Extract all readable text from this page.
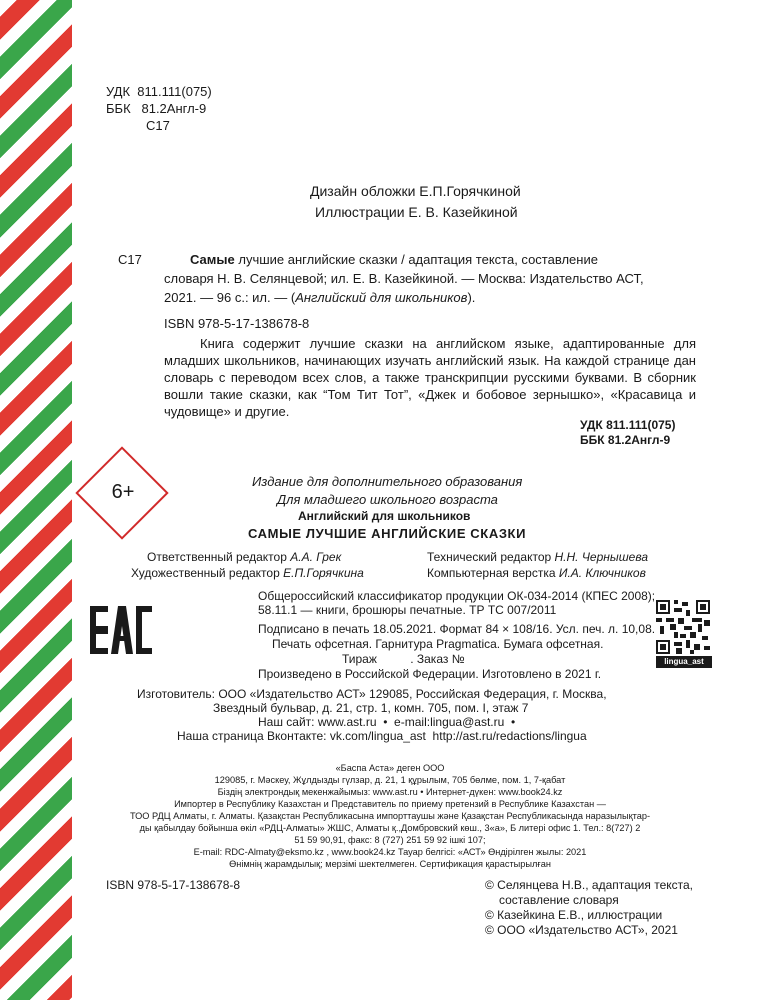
УДК 811.111(075)
ББК 81.2Англ-9
С17
Дизайн обложки Е.П.Горячкиной
Иллюстрации Е. В. Казейкиной
С17	Самые лучшие английские сказки / адаптация текста, составление
словаря Н. В. Селянцевой; ил. Е. В. Казейкиной. — Москва: Издательство АСТ,
2021. — 96 с.: ил. — (Английский для школьников).
ISBN 978-5-17-138678-8
Книга содержит лучшие сказки на английском языке, адаптированные для младших школьников, начинающих изучать английский язык. На каждой странице дан словарь с переводом всех слов, а также транскрипции русскими буквами. В сборник вошли такие сказки, как “Том Тит Тот”, «Джек и бобовое зернышко», «Красавица и чудовище» и другие.
УДК 811.111(075)
ББК 81.2Англ-9
6+	Издание для дополнительного образования
Для младшего школьного возраста
Английский для школьников
САМЫЕ ЛУЧШИЕ АНГЛИЙСКИЕ СКАЗКИ
Ответственный редактор А.А. Грек	Технический редактор Н.Н. Чернышева
Художественный редактор Е.П.Горячкина	Компьютерная верстка И.А. Ключников
Общероссийский классификатор продукции ОК-034-2014 (КПЕС 2008);
58.11.1 — книги, брошюры печатные. ТР ТС 007/2011
Подписано в печать 18.05.2021. Формат 84 × 108/16. Усл. печ. л. 10,08.
Печать офсетная. Гарнитура Pragmatica. Бумага офсетная.
Тираж          . Заказ №
Произведено в Российской Федерации. Изготовлено в 2021 г.
lingua_ast
Изготовитель: ООО «Издательство АСТ» 129085, Российская Федерация, г. Москва,
Звездный бульвар, д. 21, стр. 1, комн. 705, пом. I, этаж 7
Наш сайт: www.ast.ru  •  e-mail:lingua@ast.ru  •
Наша страница Вконтакте: vk.com/lingua_ast  http://ast.ru/redactions/lingua
«Баспа Аста» деген ООО
129085, г. Мәскеу, Жұлдызды гүлзар, д. 21, 1 құрылым, 705 бөлме, пом. 1, 7-қабат
Біздің электрондық мекенжайымыз: www.ast.ru • Интернет-дүкен: www.book24.kz
Импортер в Республику Казахстан и Представитель по приему претензий в Республике Казахстан —
ТОО РДЦ Алматы, г. Алматы. Қазақстан Республикасына импорттаушы және Қазақстан Республикасында наразылықтар-
ды қабылдау бойынша өкіл «РДЦ-Алматы» ЖШС, Алматы қ.,Домбровский көш., 3«а», Б литері офис 1. Тел.: 8(727) 2
51 59 90,91, факс: 8 (727) 251 59 92 ішкі 107;
E-mail: RDC-Almaty@eksmo.kz , www.book24.kz Тауар белгісі: «АСТ» Өндірілген жылы: 2021
Өнімнің жарамдылық; мерзімі шектелмеген. Сертификация қарастырылған
ISBN 978-5-17-138678-8	© Селянцева Н.В., адаптация текста,
составление словаря
© Казейкина Е.В., иллюстрации
© ООО «Издательство АСТ», 2021
